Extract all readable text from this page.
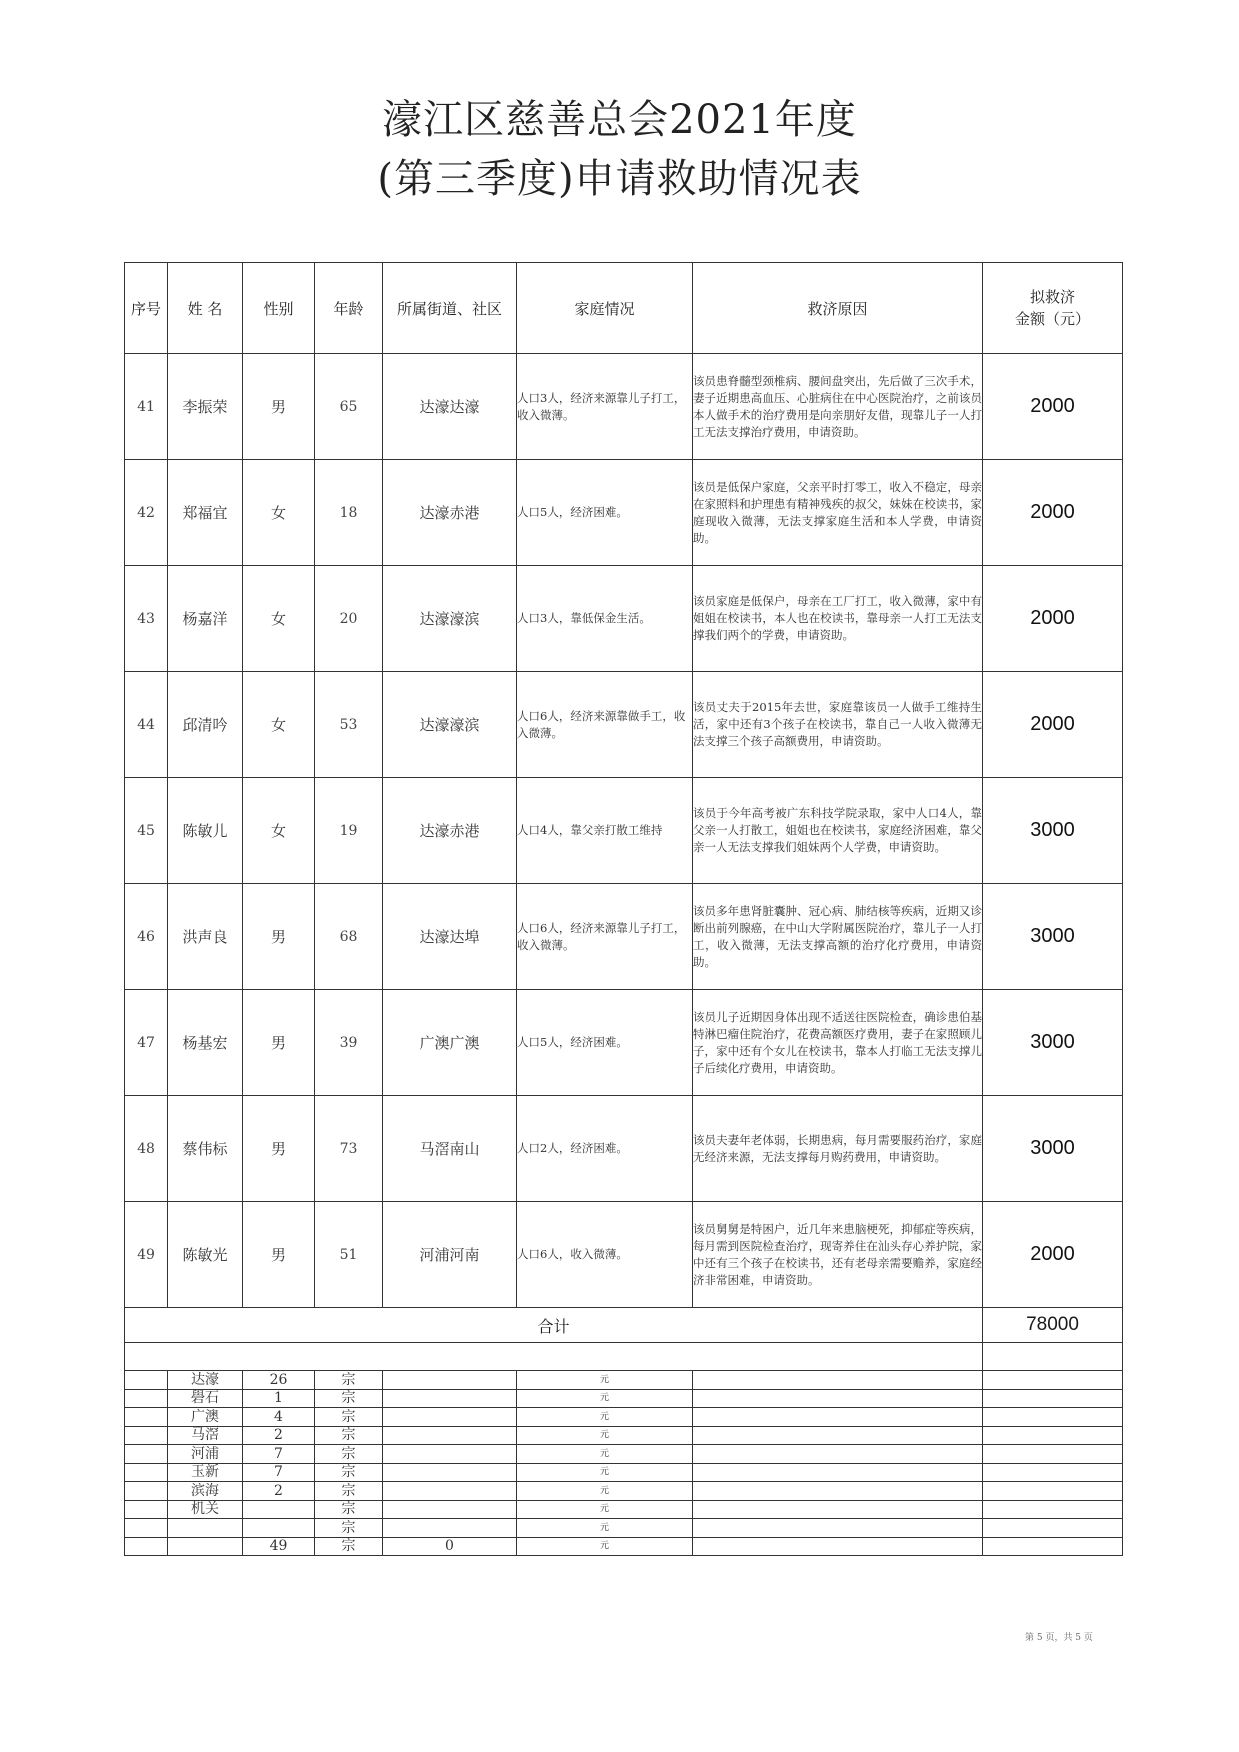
濠江区慈善总会2021年度
(第三季度)申请救助情况表
序号	姓 名	性别	年龄	所属街道、社区	家庭情况	救济原因	拟救济
金额（元）
41	李振荣	男	65	达濠达濠	人口3人，经济来源靠儿子打工，收入微薄。	该员患脊髓型颈椎病、腰间盘突出，先后做了三次手术，妻子近期患高血压、心脏病住在中心医院治疗，之前该员本人做手术的治疗费用是向亲朋好友借，现靠儿子一人打工无法支撑治疗费用，申请资助。	2000
42	郑福宜	女	18	达濠赤港	人口5人，经济困难。	该员是低保户家庭，父亲平时打零工，收入不稳定，母亲在家照料和护理患有精神残疾的叔父，妹妹在校读书，家庭现收入微薄，无法支撑家庭生活和本人学费，申请资助。	2000
43	杨嘉洋	女	20	达濠濠滨	人口3人，靠低保金生活。	该员家庭是低保户，母亲在工厂打工，收入微薄，家中有姐姐在校读书，本人也在校读书，靠母亲一人打工无法支撑我们两个的学费，申请资助。	2000
44	邱清吟	女	53	达濠濠滨	人口6人，经济来源靠做手工，收入微薄。	该员丈夫于2015年去世，家庭靠该员一人做手工维持生活，家中还有3个孩子在校读书，靠自己一人收入微薄无法支撑三个孩子高额费用，申请资助。	2000
45	陈敏儿	女	19	达濠赤港	人口4人，靠父亲打散工维持	该员于今年高考被广东科技学院录取，家中人口4人，靠父亲一人打散工，姐姐也在校读书，家庭经济困难，靠父亲一人无法支撑我们姐妹两个人学费，申请资助。	3000
46	洪声良	男	68	达濠达埠	人口6人，经济来源靠儿子打工，收入微薄。	该员多年患肾脏囊肿、冠心病、肺结核等疾病，近期又诊断出前列腺癌，在中山大学附属医院治疗，靠儿子一人打工，收入微薄，无法支撑高额的治疗化疗费用，申请资助。	3000
47	杨基宏	男	39	广澳广澳	人口5人，经济困难。	该员儿子近期因身体出现不适送往医院检查，确诊患伯基特淋巴瘤住院治疗，花费高额医疗费用，妻子在家照顾儿子，家中还有个女儿在校读书，靠本人打临工无法支撑儿子后续化疗费用，申请资助。	3000
48	蔡伟标	男	73	马滘南山	人口2人，经济困难。	该员夫妻年老体弱，长期患病，每月需要服药治疗，家庭无经济来源，无法支撑每月购药费用，申请资助。	3000
49	陈敏光	男	51	河浦河南	人口6人，收入微薄。	该员舅舅是特困户，近几年来患脑梗死，抑郁症等疾病，每月需到医院检查治疗，现寄养住在汕头存心养护院，家中还有三个孩子在校读书，还有老母亲需要赡养，家庭经济非常困难，申请资助。	2000
合计							78000

	达濠	26	宗		元		
	礐石	1	宗		元		
	广澳	4	宗		元		
	马滘	2	宗		元		
	河浦	7	宗		元		
	玉新	7	宗		元		
	滨海	2	宗		元		
	机关		宗		元		
			宗		元		
		49	宗	0	元		
第 5 页，共 5 页
